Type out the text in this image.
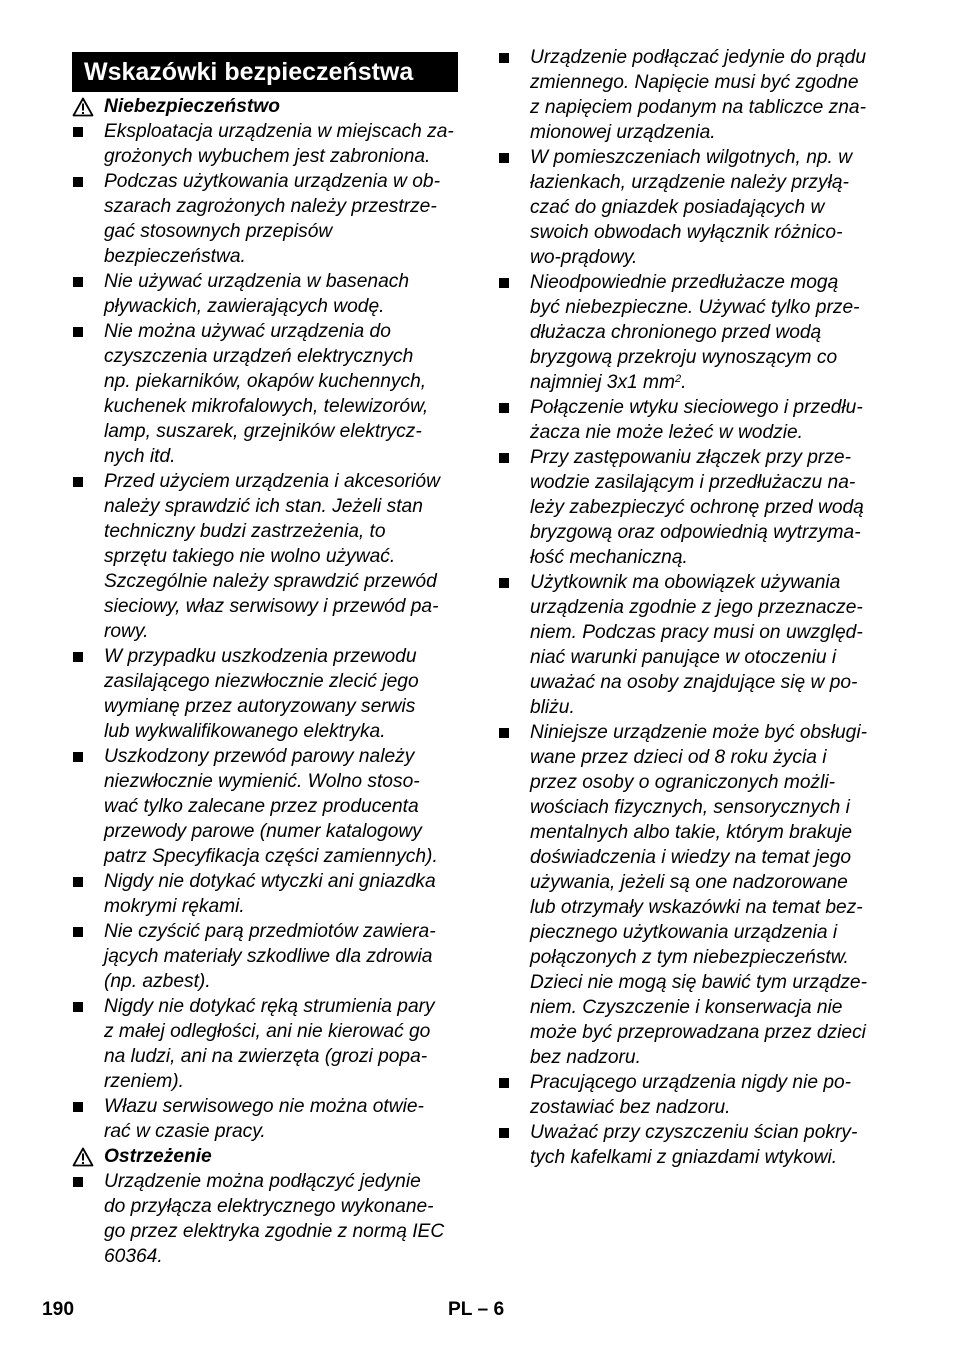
Wskazówki bezpieczeństwa
Niebezpieczeństwo
Eksploatacja urządzenia w miejscach za-
grożonych wybuchem jest zabroniona.
Podczas użytkowania urządzenia w ob-
szarach zagrożonych należy przestrze-
gać stosownych przepisów
bezpieczeństwa.
Nie używać urządzenia w basenach
pływackich, zawierających wodę.
Nie można używać urządzenia do
czyszczenia urządzeń elektrycznych
np. piekarników, okapów kuchennych,
kuchenek mikrofalowych, telewizorów,
lamp, suszarek, grzejników elektrycz-
nych itd.
Przed użyciem urządzenia i akcesoriów
należy sprawdzić ich stan. Jeżeli stan
techniczny budzi zastrzeżenia, to
sprzętu takiego nie wolno używać.
Szczególnie należy sprawdzić przewód
sieciowy, właz serwisowy i przewód pa-
rowy.
W przypadku uszkodzenia przewodu
zasilającego niezwłocznie zlecić jego
wymianę przez autoryzowany serwis
lub wykwalifikowanego elektryka.
Uszkodzony przewód parowy należy
niezwłocznie wymienić. Wolno stoso-
wać tylko zalecane przez producenta
przewody parowe (numer katalogowy
patrz Specyfikacja części zamiennych).
Nigdy nie dotykać wtyczki ani gniazdka
mokrymi rękami.
Nie czyścić parą przedmiotów zawiera-
jących materiały szkodliwe dla zdrowia
(np. azbest).
Nigdy nie dotykać ręką strumienia pary
z małej odległości, ani nie kierować go
na ludzi, ani na zwierzęta (grozi popa-
rzeniem).
Włazu serwisowego nie można otwie-
rać w czasie pracy.
Ostrzeżenie
Urządzenie można podłączyć jedynie
do przyłącza elektrycznego wykonane-
go przez elektryka zgodnie z normą IEC
60364.
Urządzenie podłączać jedynie do prądu
zmiennego. Napięcie musi być zgodne
z napięciem podanym na tabliczce zna-
mionowej urządzenia.
W pomieszczeniach wilgotnych, np. w
łazienkach, urządzenie należy przyłą-
czać do gniazdek posiadających w
swoich obwodach wyłącznik różnico-
wo-prądowy.
Nieodpowiednie przedłużacze mogą
być niebezpieczne. Używać tylko prze-
dłużacza chronionego przed wodą
bryzgową przekroju wynoszącym co
najmniej 3x1 $mm^2$.
Połączenie wtyku sieciowego i przedłu-
żacza nie może leżeć w wodzie.
Przy zastępowaniu złączek przy prze-
wodzie zasilającym i przedłużaczu na-
leży zabezpieczyć ochronę przed wodą
bryzgową oraz odpowiednią wytrzyma-
łość mechaniczną.
Użytkownik ma obowiązek używania
urządzenia zgodnie z jego przeznacze-
niem. Podczas pracy musi on uwzględ-
niać warunki panujące w otoczeniu i
uważać na osoby znajdujące się w po-
bliżu.
Niniejsze urządzenie może być obsługi-
wane przez dzieci od 8 roku życia i
przez osoby o ograniczonych możli-
wościach fizycznych, sensorycznych i
mentalnych albo takie, którym brakuje
doświadczenia i wiedzy na temat jego
używania, jeżeli są one nadzorowane
lub otrzymały wskazówki na temat bez-
piecznego użytkowania urządzenia i
połączonych z tym niebezpieczeństw.
Dzieci nie mogą się bawić tym urządze-
niem. Czyszczenie i konserwacja nie
może być przeprowadzana przez dzieci
bez nadzoru.
Pracującego urządzenia nigdy nie po-
zostawiać bez nadzoru.
Uważać przy czyszczeniu ścian pokry-
tych kafelkami z gniazdami wtykowi.
190	PL – 6
